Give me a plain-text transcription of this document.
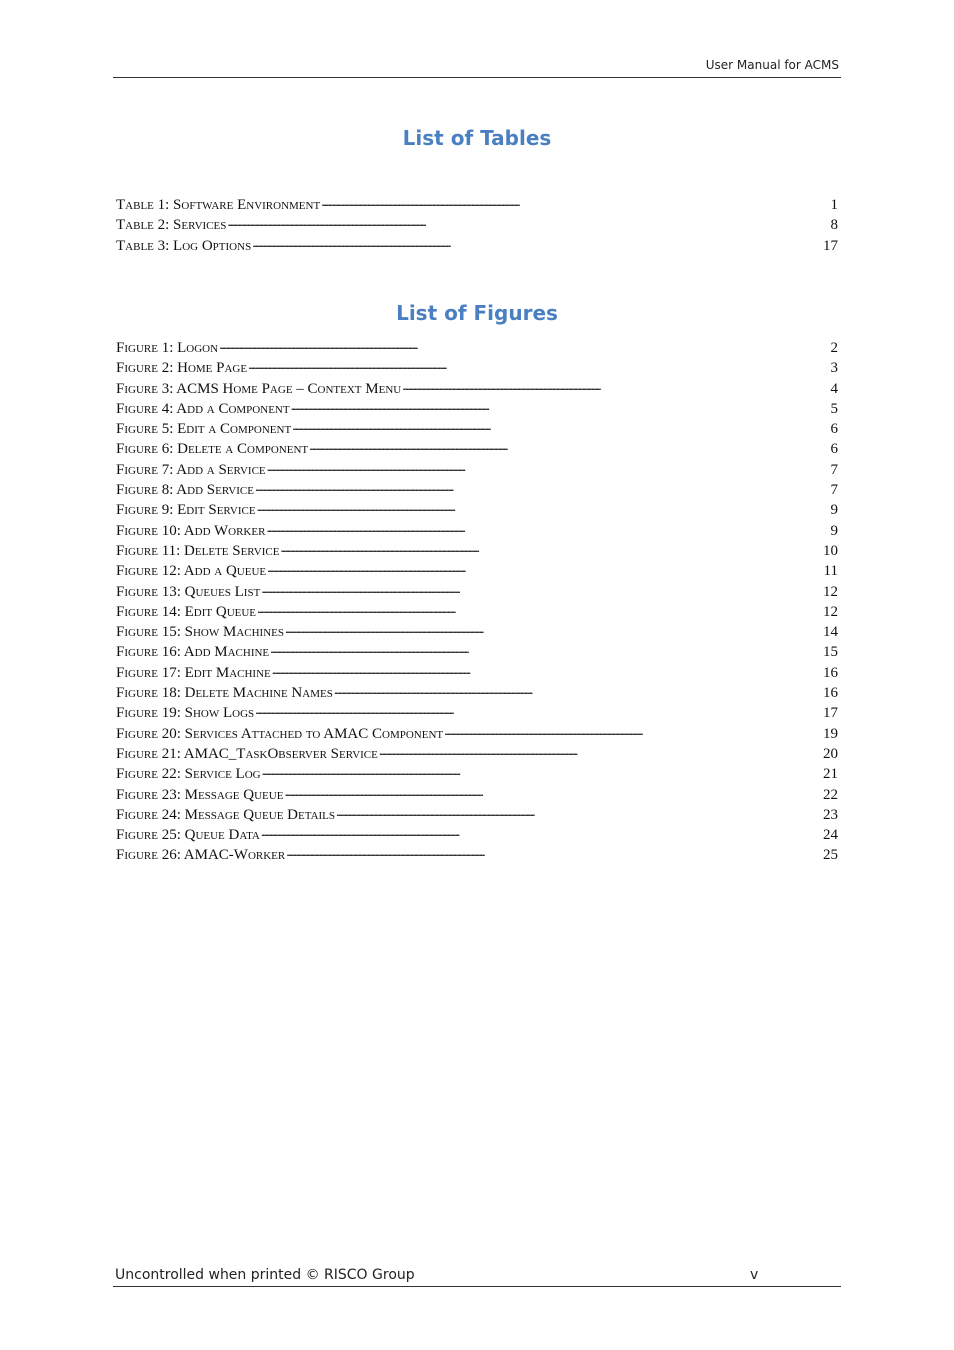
User Manual for ACMS
List of Tables
Table 1: Software Environment . . .	1
Table 2: Services . . .	8
Table 3: Log Options . . .	17
List of Figures
Figure 1: Logon . . .	2
Figure 2: Home Page . . .	3
Figure 3: ACMS Home Page – Context Menu . . .	4
Figure 4: Add a Component . . .	5
Figure 5: Edit a Component . . .	6
Figure 6: Delete a Component . . .	6
Figure 7: Add a Service . . .	7
Figure 8: Add Service . . .	7
Figure 9: Edit Service . . .	9
Figure 10: Add Worker . . .	9
Figure 11: Delete Service . . .	10
Figure 12: Add a Queue . . .	11
Figure 13: Queues List . . .	12
Figure 14: Edit Queue . . .	12
Figure 15: Show Machines . . .	14
Figure 16: Add Machine . . .	15
Figure 17: Edit Machine . . .	16
Figure 18: Delete Machine Names . . .	16
Figure 19: Show Logs . . .	17
Figure 20: Services Attached to AMAC Component . . .	19
Figure 21: AMAC_TaskObserver Service . . .	20
Figure 22: Service Log . . .	21
Figure 23: Message Queue . . .	22
Figure 24: Message Queue Details . . .	23
Figure 25: Queue Data . . .	24
Figure 26: AMAC-Worker . . .	25
Uncontrolled when printed © RISCO Group	v
